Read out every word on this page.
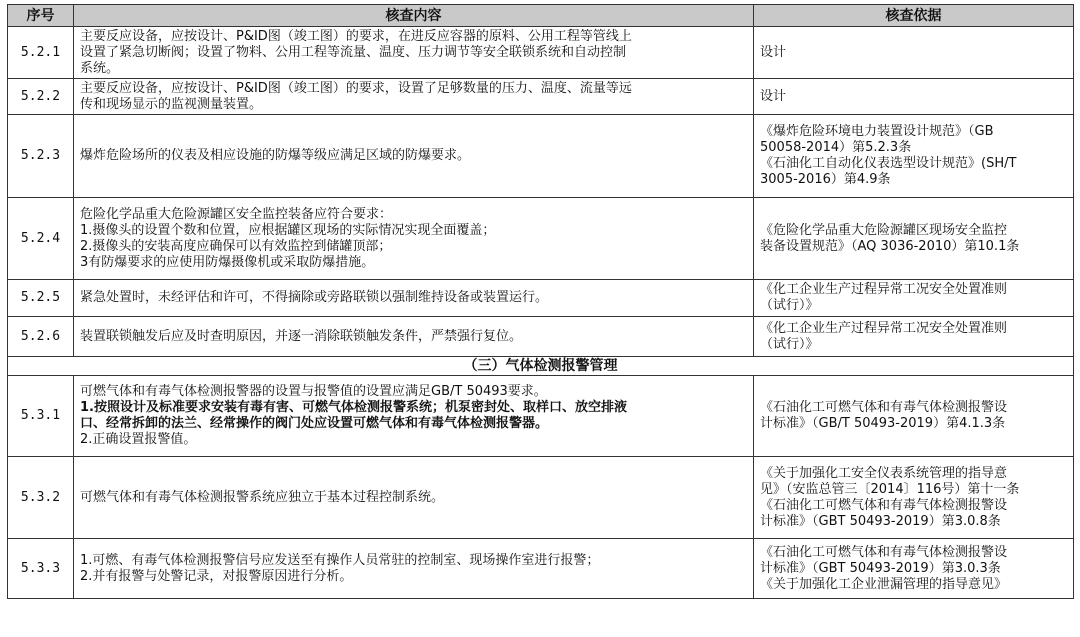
序号	核查内容	核查依据
5.2.1	主要反应设备，应按设计、P&ID图（竣工图）的要求，在进反应容器的原料、公用工程等管线上
设置了紧急切断阀；设置了物料、公用工程等流量、温度、压力调节等安全联锁系统和自动控制
系统。	设计

5.2.2	主要反应设备，应按设计、P&ID图（竣工图）的要求，设置了足够数量的压力、温度、流量等远
传和现场显示的监视测量装置。	设计

5.2.3	爆炸危险场所的仪表及相应设施的防爆等级应满足区域的防爆要求。	《爆炸危险环境电力装置设计规范》（GB
50058-2014）第5.2.3条
《石油化工自动化仪表选型设计规范》(SH/T
3005-2016）第4.9条

5.2.4	危险化学品重大危险源罐区安全监控装备应符合要求：
1.摄像头的设置个数和位置，应根据罐区现场的实际情况实现全面覆盖；
2.摄像头的安装高度应确保可以有效监控到储罐顶部；
3有防爆要求的应使用防爆摄像机或采取防爆措施。	《危险化学品重大危险源罐区现场安全监控
装备设置规范》（AQ 3036-2010）第10.1条

5.2.5	紧急处置时，未经评估和许可，不得摘除或旁路联锁以强制维持设备或装置运行。	《化工企业生产过程异常工况安全处置准则
（试行）》

5.2.6	装置联锁触发后应及时查明原因，并逐一消除联锁触发条件，严禁强行复位。	《化工企业生产过程异常工况安全处置准则
（试行）》

（三）气体检测报警管理		
5.3.1	可燃气体和有毒气体检测报警器的设置与报警值的设置应满足GB/T 50493要求。
1.按照设计及标准要求安装有毒有害、可燃气体检测报警系统；机泵密封处、取样口、放空排液
口、经常拆卸的法兰、经常操作的阀门处应设置可燃气体和有毒气体检测报警器。
2.正确设置报警值。	《石油化工可燃气体和有毒气体检测报警设
计标准》（GB/T 50493-2019）第4.1.3条

5.3.2	可燃气体和有毒气体检测报警系统应独立于基本过程控制系统。	《关于加强化工安全仪表系统管理的指导意
见》（安监总管三〔2014〕116号）第十一条
《石油化工可燃气体和有毒气体检测报警设
计标准》（GBT 50493-2019）第3.0.8条

5.3.3	1.可燃、有毒气体检测报警信号应发送至有操作人员常驻的控制室、现场操作室进行报警；
2.并有报警与处警记录，对报警原因进行分析。	《石油化工可燃气体和有毒气体检测报警设
计标准》（GBT 50493-2019）第3.0.3条
《关于加强化工企业泄漏管理的指导意见》
